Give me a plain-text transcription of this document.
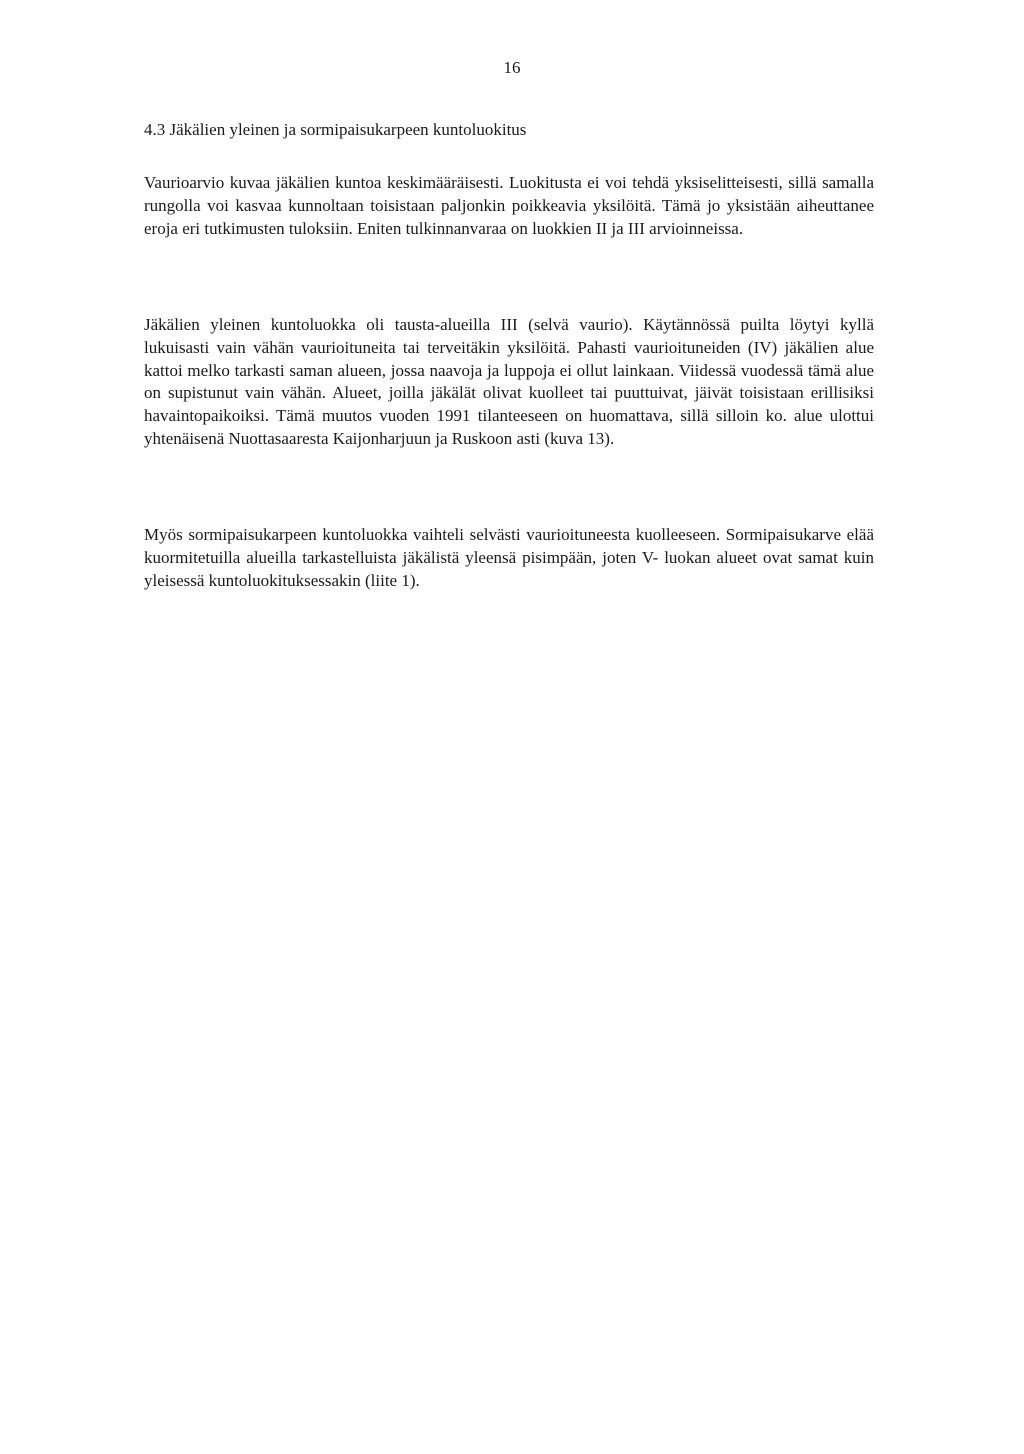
16
4.3 Jäkälien yleinen ja sormipaisukarpeen kuntoluokitus

Vaurioarvio kuvaa jäkälien kuntoa keskimääräisesti. Luokitusta ei voi tehdä yksiselitteisesti, sillä samalla rungolla voi kasvaa kunnoltaan toisistaan paljonkin poikkeavia yksilöitä. Tämä jo yksistään aiheuttanee eroja eri tutkimusten tuloksiin. Eniten tulkinnanvaraa on luokkien II ja III arvioinneissa.

Jäkälien yleinen kuntoluokka oli tausta-alueilla III (selvä vaurio). Käytännössä puilta löytyi kyllä lukuisasti vain vähän vaurioituneita tai terveitäkin yksilöitä. Pahasti vaurioituneiden (IV) jäkälien alue kattoi melko tarkasti saman alueen, jossa naavoja ja luppoja ei ollut lainkaan. Viidessä vuodessä tämä alue on supistunut vain vähän. Alueet, joilla jäkälät olivat kuolleet tai puuttuivat, jäivät toisistaan erillisiksi havaintopaikoiksi. Tämä muutos vuoden 1991 tilanteeseen on huomattava, sillä silloin ko. alue ulottui yhtenäisenä Nuottasaaresta Kaijonharjuun ja Ruskoon asti (kuva 13).

Myös sormipaisukarpeen kuntoluokka vaihteli selvästi vaurioituneesta kuolleeseen. Sormipaisukarve elää kuormitetuilla alueilla tarkastelluista jäkälistä yleensä pisimpään, joten V- luokan alueet ovat samat kuin yleisessä kuntoluokituksessakin (liite 1).
